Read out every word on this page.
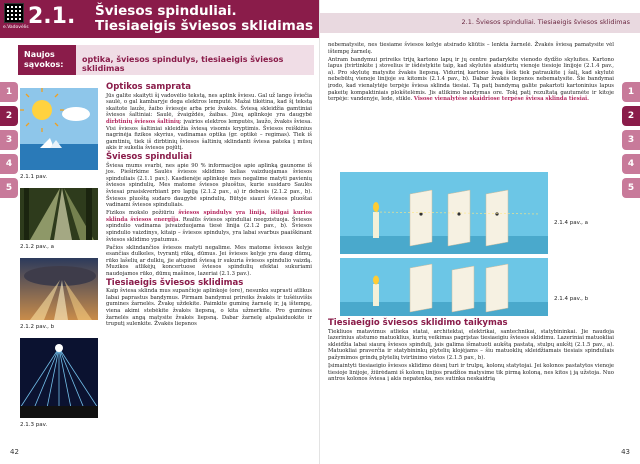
e.Vadovėlis 2.1. Šviesos spinduliai.
Tiesiaeigis šviesos sklidimas
Naujos
sąvokos:
optika, šviesos spindulys, tiesiaeigis šviesos sklidimas
1
2
3
4
5
2.1.1 pav.
2.1.2 pav., a
2.1.2 pav., b
2.1.3 pav.
Optikos samprata

Jūs galite skaityti šį vadovėlio tekstą, nes aplink šviesu. Gal už lango šviečia saulė, o gal kambaryje dega elektros lemputė. Mažai tikėtina, kad šį tekstą skaitote lauže, žaibo šviesoje arba prie žvakės. Šviesą skleidžia gamtiniai šviesos šaltiniai: Saulė, žvaigždės, žaibas. Jūsų aplinkoje yra daugybė dirbtinių šviesos šaltinių: įvairios elektros lemputės, laužo, žvakės šviesa. Visi šviesos šaltiniai skleidžia šviesą visomis kryptimis. Šviesos reiškinius nagrinėja fizikos skyrius, vadinamas optika (gr. optikė – regimas). Tiek iš gamtinių, tiek iš dirbtinių šviesos šaltinių sklindanti šviesa pateka į mūsų akis ir sukelia šviesos pojūtį.

Šviesos spinduliai

Šviesa mums svarbi, nes apie 90 % informacijos apie aplinką gaunome iš jos. Pieširkime Saulės šviesos sklidimo kelias vaizduojamas šviesos spinduliais (2.1.1 pav.). Kasdienėje aplinkoje mes negalime matyti pavienių šviesos spindulių. Mes matome šviesos pluoštus, kurie susidaro Saulės šviesai prasiskverbiant pro lapiją (2.1.2 pav., a) ir debesis (2.1.2 pav., b). Šviesos pluoštą sudaro daugybė spindulių. Būtyje siauri šviesos pluoštai vadinami šviesos spinduliais.

Fizikos mokslo požiūriu šviesos spindulys yra linija, išilgai kurios sklinda šviesos energija. Realūs šviesos spinduliai neegzistuoja. Šviesos spindulio vadinama įsivaizduojama tiesė linija (2.1.2 pav., b). Šviesos spindulio vaizdinys, kitaip – šviesos spindulys, yra labai svarbus paaiškinant šviesos sklidimo ypatumus.

Pačios sklindančios šviesos matyti negalime. Mes matome šviesos kelyje esančias dulkeles, tvyrantį rūką, dūmus. Jei šviesos kelyje yra daug dūmų, rūko lašelių ar dulkių, jie atspindi šviesą ir sukuria šviesos spindulio vaizdą. Muzikos atlikėjų koncertuose šviesos spindulių efektai sukuriami naudojamos rūko, dūmų mašinos, lazeriai (2.1.3 pav.).

Tiesiaeigis šviesos sklidimas

Kaip šviesa sklinda mus supančioje aplinkoje (ore), nesunku suprasti atlikus labai paprastus bandymus. Pirmam bandymui prireiks žvakės ir tušėiuvišis gumines žarnelės. Žvakę uždekite. Paimkite guminę žarnelę ir, ją ištempę, viena akimi stebėkite žvakės liepsną, o kita užmerkite. Pro gumines žarnelės angą matysite žvakės liepsną. Dabar žarnelę atpalaiduokite ir truputį sulenkite. Žvakės liepsnos

42
2.1. Šviesos spinduliai. Tiesiaeigis šviesos sklidimas
1
2
3
4
5

nebematysite, nes tiesiame šviesos kelyje atsirado kliūtis – lenkta žarnelė. Žvakės šviesą pamatysite vėl ištempę žarnelę.

Antram bandymui prireiks trijų kartono lapų ir jų centre padarykite vienodo dydžio skyluites. Kartono lapus įtvirtinkite į stovelius ir išdėstykite taip, kad skylutės atsidurtų vienoje tiesioje linijoje (2.1.4 pav., a). Pro skylutę matysite žvakės liepsną. Vidurinį kartono lapą šiek tiek patraukite į šalį, kad skylutė nebebūtų vienoje linijoje su kitomis (2.1.4 pav., b). Dabar žvakės liepsnos nebematysite. Šie bandymai įrodo, kad vienalytėje terpėje šviesa sklinda tiesiai. Tą patį bandymą galite pakartoti kartoninius lapus pakeitę kompaktiniais plokštelėmis. Jis atlikimo bandymas ore. Tokį patį rezultatą gautumėte ir kitoje terpėje: vandenyje, lede, stikle. Visose vienalytėse skaidriose terpėse šviesa sklinda tiesiai.

2.1.4 pav., a
2.1.4 pav., b
Tiesiaeigio šviesos sklidimo taikymas

Tiekliuos matavimus atlieka statai, architektai, elektrikai, santechnikai, statybininkai. Jie naudoja lazerinius atstumo matuoklius, kurių veikimas pagrįstas tiesiaeigiu šviesos sklidimu. Lazeriniai matuokliai skleidžia labai siaurą šviesos spindulį, jais galima išmatuoti aukštą pastatą, stulpų aukštį (2.1.5 pav., a). Matuokliai praverčia ir statybininkų plytelių klojėjams – šiu matuoklių skleidžiamais tiesiais spinduliais pažymimos grindų plytelių tvirtinimo vietos (2.1.5 pav., b).

Įsimaintyti tiesiaeigio šviesos sklidimo dėsnį turi ir trulpų, kolonų statytojai. Jei kolonos pastatytos vienoje tiesioje linijoje, žiūrėdami iš kolonų linijos pradžios matysime tik pirmą koloną, nes kitos į ją užstoja. Nuo antros kolonos šviesa į akis nepatenka, nes sutinka neskaidrią

43
